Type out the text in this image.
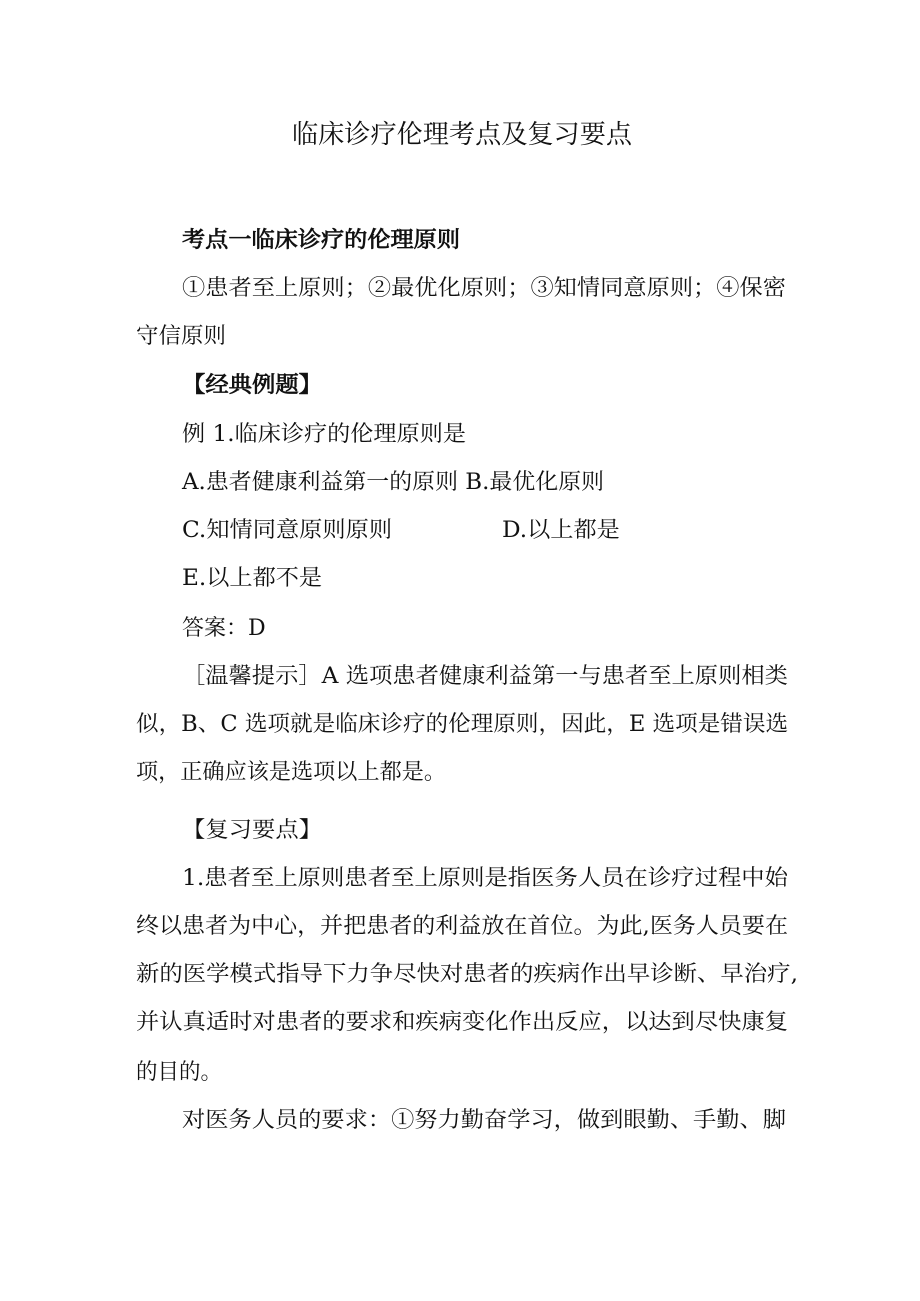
临床诊疗伦理考点及复习要点
考点一临床诊疗的伦理原则
①患者至上原则；②最优化原则；③知情同意原则；④保密
守信原则
【经典例题】
例 1.临床诊疗的伦理原则是
A.患者健康利益第一的原则 B.最优化原则
C.知情同意原则原则	D.以上都是
E.以上都不是
答案：D
［温馨提示］A 选项患者健康利益第一与患者至上原则相类
似，B、C 选项就是临床诊疗的伦理原则，因此，E 选项是错误选
项，正确应该是选项以上都是。
【复习要点】
1.患者至上原则患者至上原则是指医务人员在诊疗过程中始
终以患者为中心，并把患者的利益放在首位。为此,医务人员要在
新的医学模式指导下力争尽快对患者的疾病作出早诊断、早治疗,
并认真适时对患者的要求和疾病变化作出反应，以达到尽快康复
的目的。
对医务人员的要求：①努力勤奋学习，做到眼勤、手勤、脚
